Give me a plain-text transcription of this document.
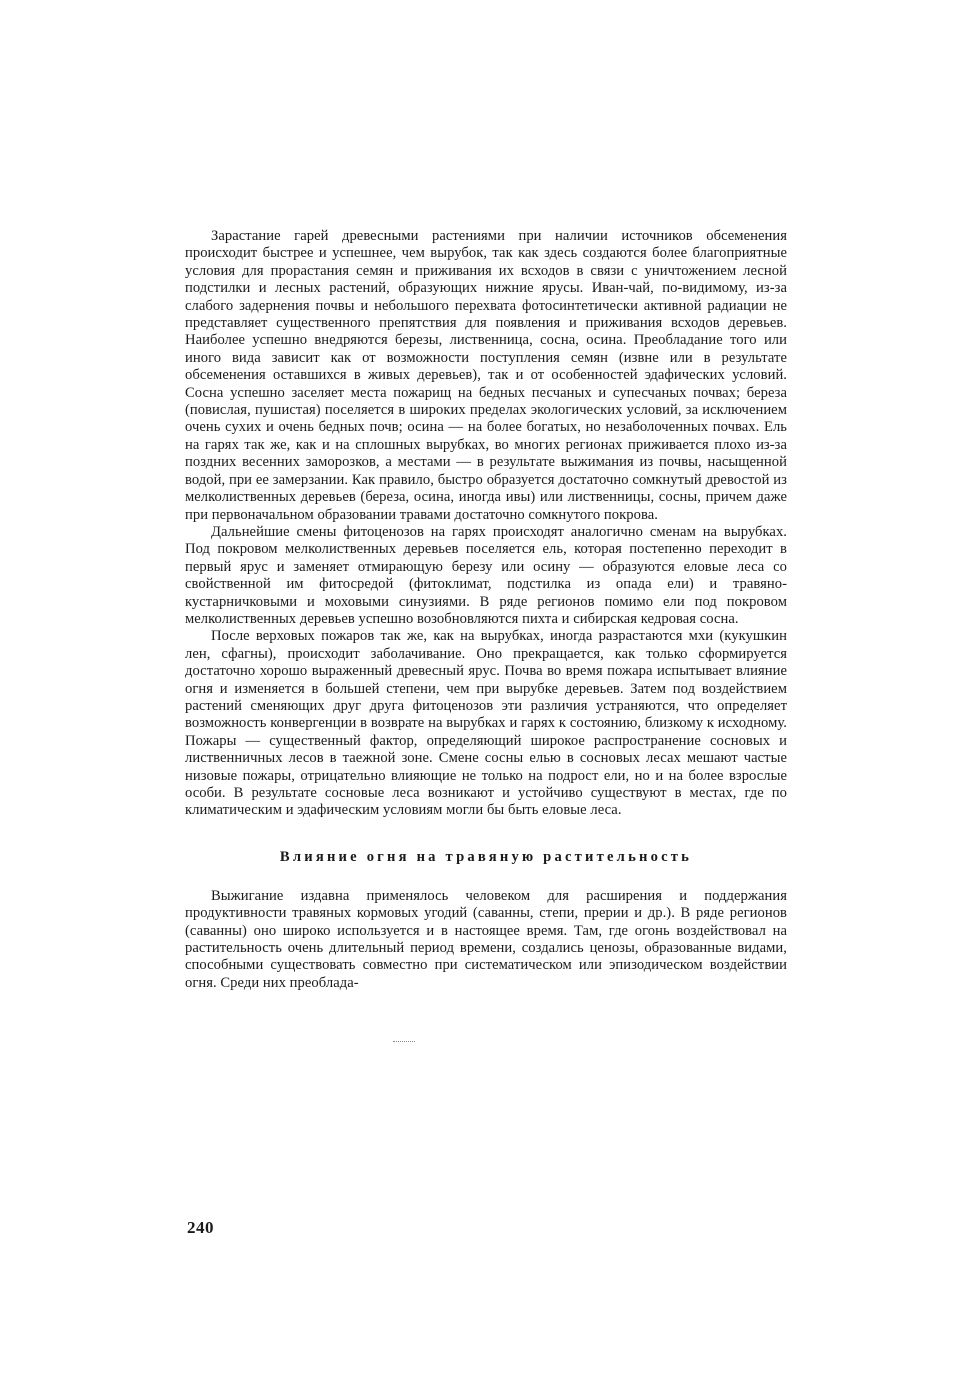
Зарастание гарей древесными растениями при наличии источников обсеменения происходит быстрее и успешнее, чем вырубок, так как здесь создаются более благоприятные условия для прорастания семян и приживания их всходов в связи с уничтожением лесной подстилки и лесных растений, образующих нижние ярусы. Иван-чай, по-видимому, из-за слабого задернения почвы и небольшого перехвата фотосинтетически активной радиации не представляет существенного препятствия для появления и приживания всходов деревьев. Наиболее успешно внедряются березы, лиственница, сосна, осина. Преобладание того или иного вида зависит как от возможности поступления семян (извне или в результате обсеменения оставшихся в живых деревьев), так и от особенностей эдафических условий. Сосна успешно заселяет места пожарищ на бедных песчаных и супесчаных почвах; береза (повислая, пушистая) поселяется в широких пределах экологических условий, за исключением очень сухих и очень бедных почв; осина — на более богатых, но незаболоченных почвах. Ель на гарях так же, как и на сплошных вырубках, во многих регионах приживается плохо из-за поздних весенних заморозков, а местами — в результате выжимания из почвы, насыщенной водой, при ее замерзании. Как правило, быстро образуется достаточно сомкнутый древостой из мелколиственных деревьев (береза, осина, иногда ивы) или лиственницы, сосны, причем даже при первоначальном образовании травами достаточно сомкнутого покрова.

Дальнейшие смены фитоценозов на гарях происходят аналогично сменам на вырубках. Под покровом мелколиственных деревьев поселяется ель, которая постепенно переходит в первый ярус и заменяет отмирающую березу или осину — образуются еловые леса со свойственной им фитосредой (фитоклимат, подстилка из опада ели) и травяно-кустарничковыми и моховыми синузиями. В ряде регионов помимо ели под покровом мелколиственных деревьев успешно возобновляются пихта и сибирская кедровая сосна.

После верховых пожаров так же, как на вырубках, иногда разрастаются мхи (кукушкин лен, сфагны), происходит заболачивание. Оно прекращается, как только сформируется достаточно хорошо выраженный древесный ярус. Почва во время пожара испытывает влияние огня и изменяется в большей степени, чем при вырубке деревьев. Затем под воздействием растений сменяющих друг друга фитоценозов эти различия устраняются, что определяет возможность конвергенции в возврате на вырубках и гарях к состоянию, близкому к исходному. Пожары — существенный фактор, определяющий широкое распространение сосновых и лиственничных лесов в таежной зоне. Смене сосны елью в сосновых лесах мешают частые низовые пожары, отрицательно влияющие не только на подрост ели, но и на более взрослые особи. В результате сосновые леса возникают и устойчиво существуют в местах, где по климатическим и эдафическим условиям могли бы быть еловые леса.

Влияние огня на травяную растительность

Выжигание издавна применялось человеком для расширения и поддержания продуктивности травяных кормовых угодий (саванны, степи, прерии и др.). В ряде регионов (саванны) оно широко используется и в настоящее время. Там, где огонь воздействовал на растительность очень длительный период времени, создались ценозы, образованные видами, способными существовать совместно при систематическом или эпизодическом воздействии огня. Среди них преоблада-

240
